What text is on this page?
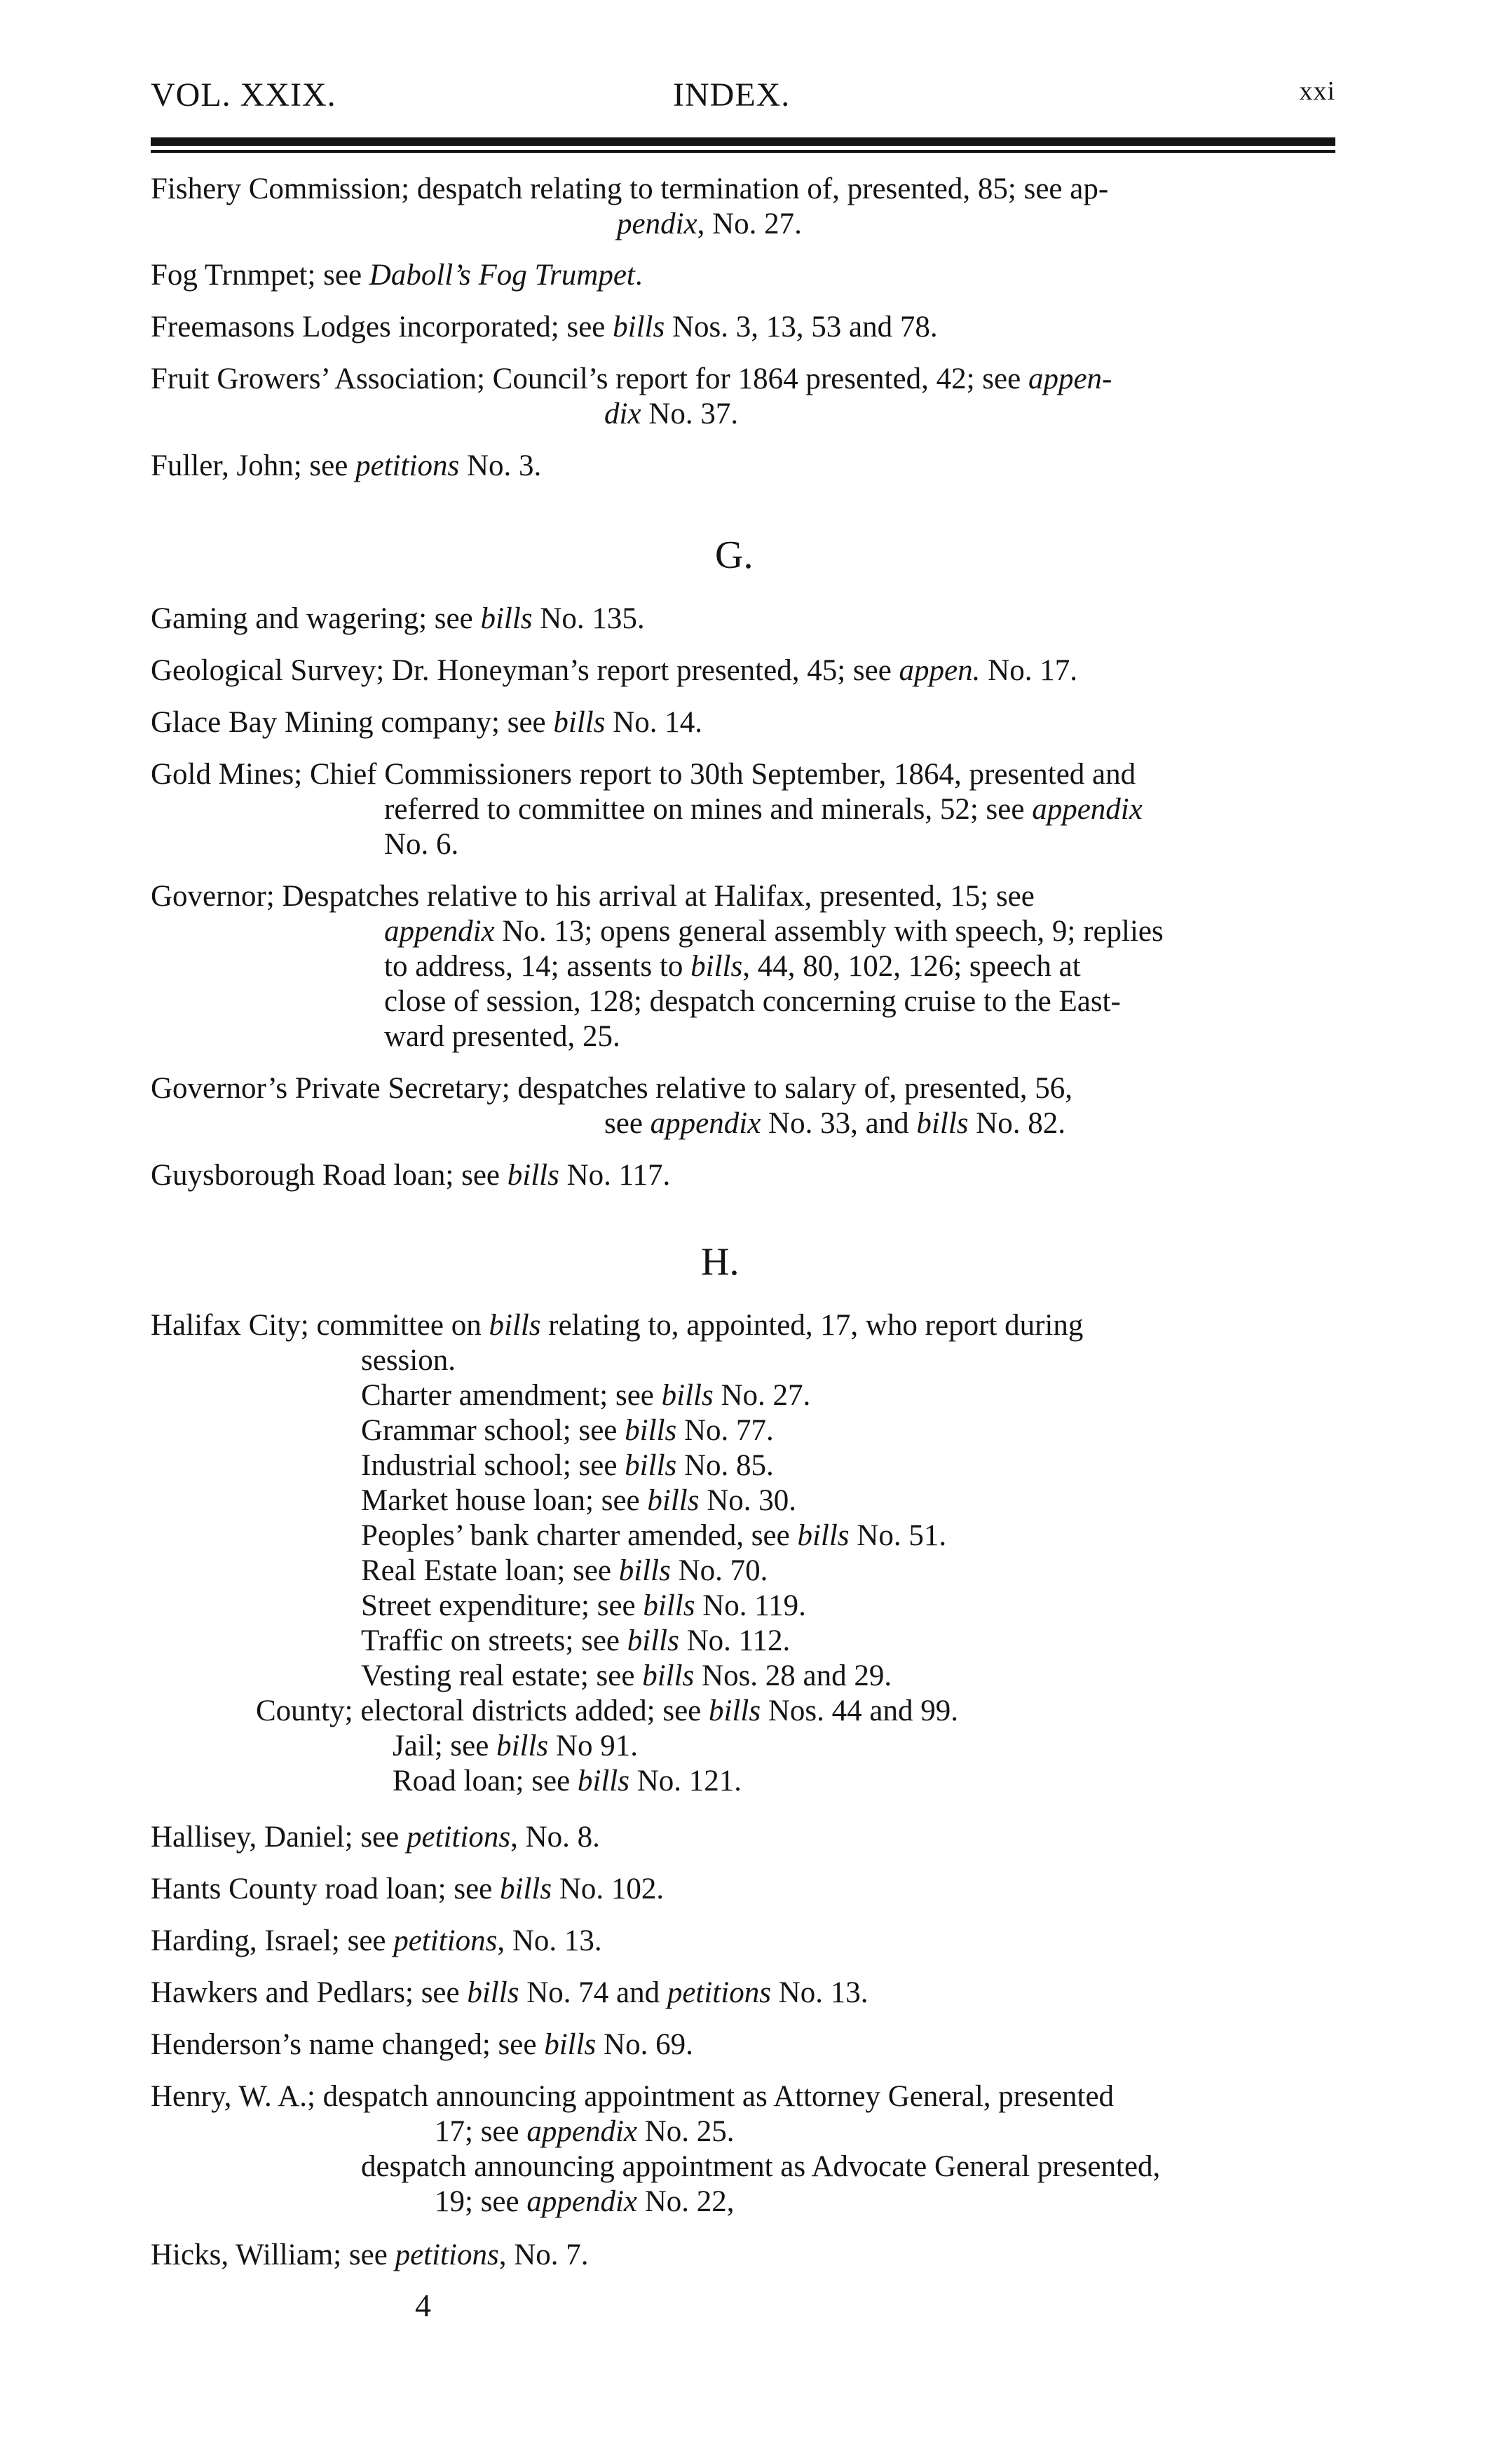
VOL. XXIX.	INDEX.	xxi
Fishery Commission; despatch relating to termination of, presented, 85; see ap-
pendix, No. 27.
Fog Trnmpet; see Daboll’s Fog Trumpet.
Freemasons Lodges incorporated; see bills Nos. 3, 13, 53 and 78.
Fruit Growers’ Association; Council’s report for 1864 presented, 42; see appen-
dix No. 37.
Fuller, John; see petitions No. 3.
G.
Gaming and wagering; see bills No. 135.
Geological Survey; Dr. Honeyman’s report presented, 45; see appen. No. 17.
Glace Bay Mining company; see bills No. 14.
Gold Mines; Chief Commissioners report to 30th September, 1864, presented and
referred to committee on mines and minerals, 52; see appendix
No. 6.
Governor; Despatches relative to his arrival at Halifax, presented, 15; see
appendix No. 13; opens general assembly with speech, 9; replies
to address, 14; assents to bills, 44, 80, 102, 126; speech at
close of session, 128; despatch concerning cruise to the East-
ward presented, 25.
Governor’s Private Secretary; despatches relative to salary of, presented, 56,
see appendix No. 33, and bills No. 82.
Guysborough Road loan; see bills No. 117.
H.
Halifax City; committee on bills relating to, appointed, 17, who report during
session.
Charter amendment; see bills No. 27.
Grammar school; see bills No. 77.
Industrial school; see bills No. 85.
Market house loan; see bills No. 30.
Peoples’ bank charter amended, see bills No. 51.
Real Estate loan; see bills No. 70.
Street expenditure; see bills No. 119.
Traffic on streets; see bills No. 112.
Vesting real estate; see bills Nos. 28 and 29.
County; electoral districts added; see bills Nos. 44 and 99.
Jail; see bills No 91.
Road loan; see bills No. 121.
Hallisey, Daniel; see petitions, No. 8.
Hants County road loan; see bills No. 102.
Harding, Israel; see petitions, No. 13.
Hawkers and Pedlars; see bills No. 74 and petitions No. 13.
Henderson’s name changed; see bills No. 69.
Henry, W. A.; despatch announcing appointment as Attorney General, presented
17; see appendix No. 25.
despatch announcing appointment as Advocate General presented,
19; see appendix No. 22,
Hicks, William; see petitions, No. 7.
4
